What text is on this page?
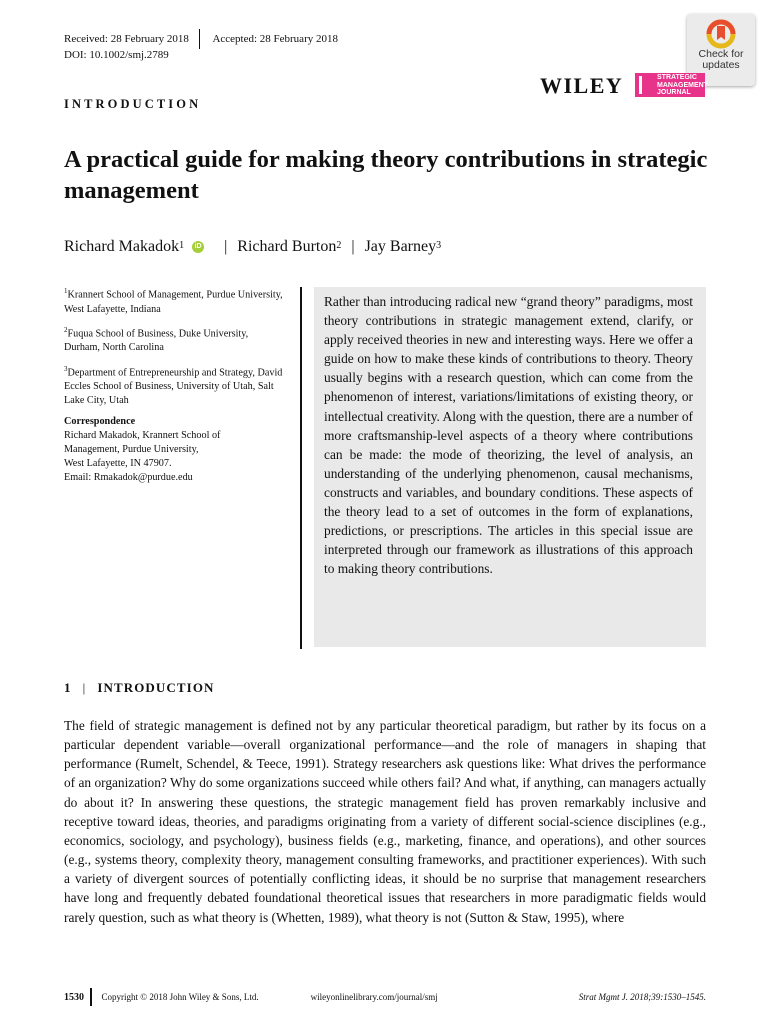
Received: 28 February 2018 Accepted: 28 February 2018
DOI: 10.1002/smj.2789	Check for
updates
WILEY	STRATEGIC
MANAGEMENT
JOURNAL
INTRODUCTION
A practical guide for making theory contributions in strategic management
Richard Makadok$^1$	iD | Richard Burton$^2$ | Jay Barney$^3$

$^1$Krannert School of Management, Purdue University, West Lafayette, Indiana

$^2$Fuqua School of Business, Duke University, Durham, North Carolina

$^3$Department of Entrepreneurship and Strategy, David Eccles School of Business, University of Utah, Salt Lake City, Utah

Correspondence
Richard Makadok, Krannert School of
Management, Purdue University,
West Lafayette, IN 47907.
Email: Rmakadok@purdue.edu
Rather than introducing radical new “grand theory” paradigms, most theory contributions in strategic management extend, clarify, or apply received theories in new and interesting ways. Here we offer a guide on how to make these kinds of contributions to theory. Theory usually begins with a research question, which can come from the phenomenon of interest, variations/limitations of existing theory, or intellectual creativity. Along with the question, there are a number of more craftsmanship-level aspects of a theory where contributions can be made: the mode of theorizing, the level of analysis, an understanding of the underlying phenomenon, causal mechanisms, constructs and variables, and boundary conditions. These aspects of the theory lead to a set of outcomes in the form of explanations, predictions, or prescriptions. The articles in this special issue are interpreted through our framework as illustrations of this approach to making theory contributions.
1 | INTRODUCTION
The field of strategic management is defined not by any particular theoretical paradigm, but rather by its focus on a particular dependent variable—overall organizational performance—and the role of managers in shaping that performance (Rumelt, Schendel, & Teece, 1991). Strategy researchers ask questions like: What drives the performance of an organization? Why do some organizations succeed while others fail? And what, if anything, can managers actually do about it? In answering these questions, the strategic management field has proven remarkably inclusive and receptive toward ideas, theories, and paradigms originating from a variety of different social-science disciplines (e.g., economics, sociology, and psychology), business fields (e.g., marketing, finance, and operations), and other sources (e.g., systems theory, complexity theory, management consulting frameworks, and practitioner experiences). With such a variety of divergent sources of potentially conflicting ideas, it should be no surprise that management researchers have long and frequently debated foundational theoretical issues that researchers in more paradigmatic fields would rarely question, such as what theory is (Whetten, 1989), what theory is not (Sutton & Staw, 1995), where
1530 Copyright © 2018 John Wiley & Sons, Ltd.	wileyonlinelibrary.com/journal/smj	Strat Mgmt J. 2018;39:1530–1545.
